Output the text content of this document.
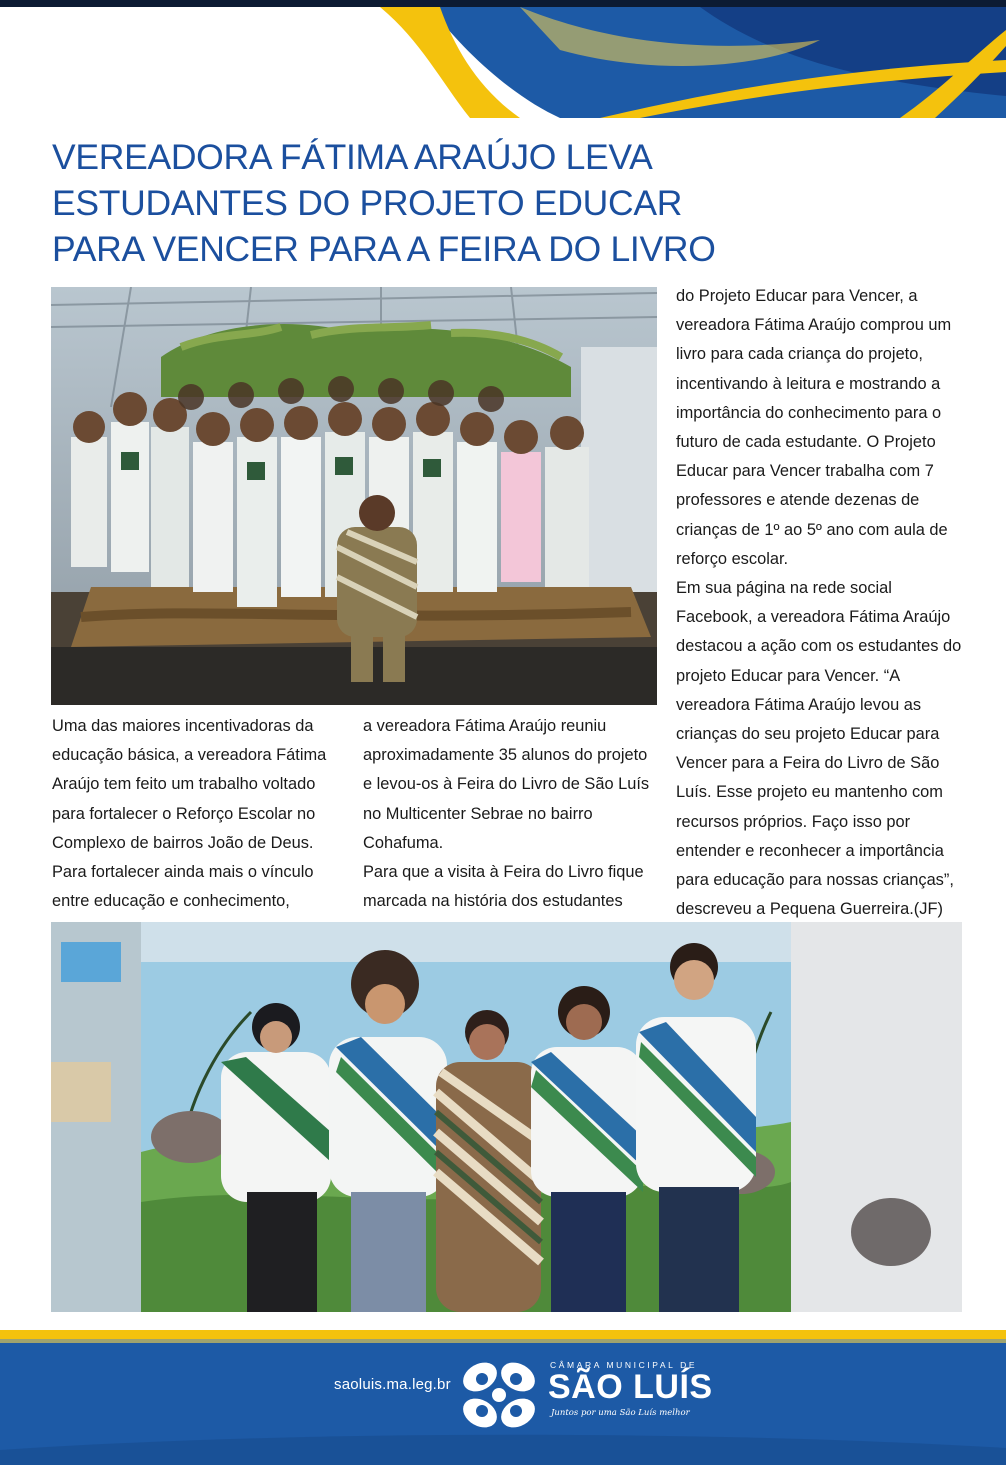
VEREADORA FÁTIMA ARAÚJO LEVA
ESTUDANTES DO PROJETO EDUCAR
PARA VENCER PARA A FEIRA DO LIVRO

do Projeto Educar para Vencer, a vereadora Fátima Araújo comprou um livro para cada criança do projeto, incentivando à leitura e mostrando a importância do conhecimento para o futuro de cada estudante. O Projeto Educar para Vencer trabalha com 7 professores e atende dezenas de crianças de 1º ao 5º ano com aula de reforço escolar.

Em sua página na rede social Facebook, a vereadora Fátima Araújo destacou a ação com os estudantes do projeto Educar para Vencer. “A vereadora Fátima Araújo levou as crianças do seu projeto Educar para Vencer para a Feira do Livro de São Luís. Esse projeto eu mantenho com recursos próprios. Faço isso por entender e reconhecer a importância para educação para nossas crianças”, descreveu a Pequena Guerreira.(JF)

Uma das maiores incentivadoras da educação básica, a vereadora Fátima Araújo tem feito um trabalho voltado para fortalecer o Reforço Escolar no Complexo de bairros João de Deus.

Para fortalecer ainda mais o vínculo entre educação e conhecimento,

a vereadora Fátima Araújo reuniu aproximadamente 35 alunos do projeto e levou-os à Feira do Livro de São Luís no Multicenter Sebrae no bairro Cohafuma.

Para que a visita à Feira do Livro fique marcada na história dos estudantes

saoluis.ma.leg.br
CÂMARA MUNICIPAL DE
SÃO LUÍS
Juntos por uma São Luís melhor
